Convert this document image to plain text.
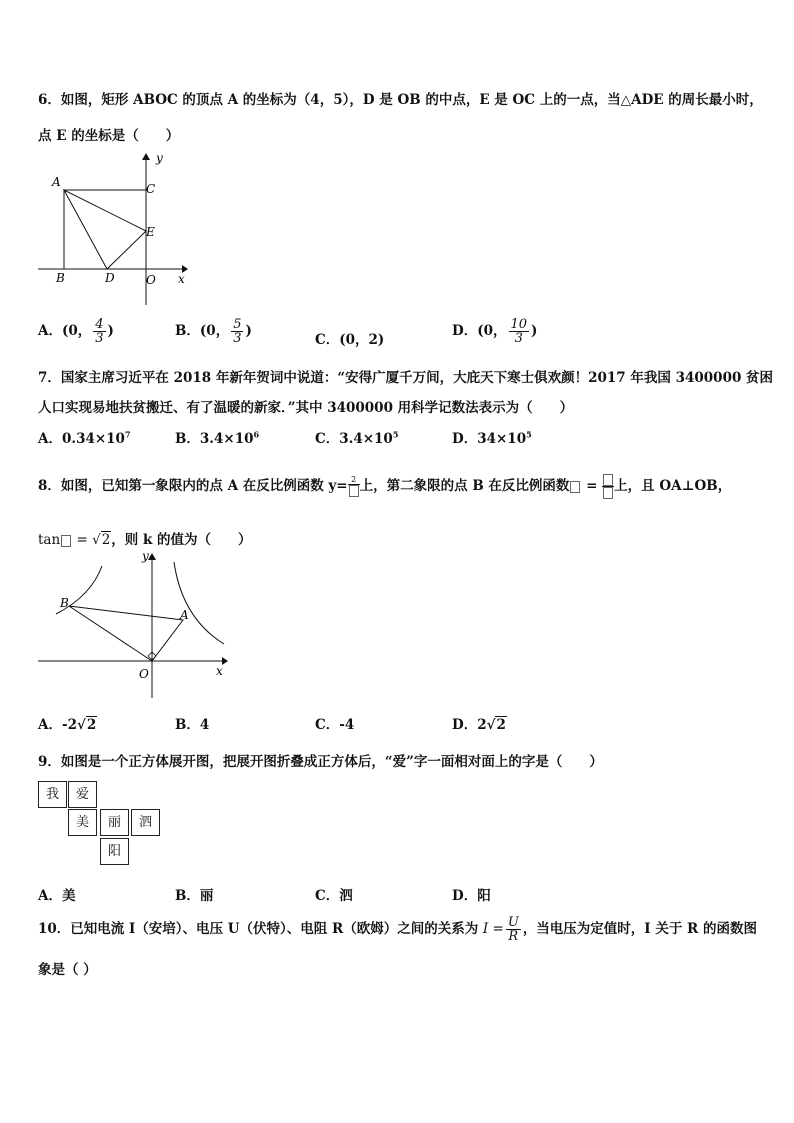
6．如图，矩形 ABOC 的顶点 A 的坐标为（4，5），D 是 OB 的中点，E 是 OC 上的一点，当△ADE 的周长最小时，
点 E 的坐标是（　　）
y
A	C
E
B	D	O x
A．(0， $\frac{4}{3}$ )	B．(0， $\frac{5}{3}$ )
C．(0，2)
D．(0， $\frac{10}{3}$ )
7．国家主席习近平在 2018 年新年贺词中说道：“安得广厦千万间，大庇天下寒士俱欢颜！2017 年我国 3400000 贫困
人口实现易地扶贫搬迁、有了温暖的新家．”其中 3400000 用科学记数法表示为（　　）
A．$0.34\times 10^7$	B．$3.4\times 10^6$	C．$3.4\times 10^5$	D．$34\times 10^5$
8．如图，已知第一象限内的点 A 在反比例函数 y= 2 上，第二象限的点 B 在反比例函数 =
上，且 OA⊥OB，
tan = √2，则 k 的值为（　　）
y
B
A
O	x
A．-2√2	B．4	C．-4	D．2√2
9．如图是一个正方体展开图，把展开图折叠成正方体后，“爱”字一面相对面上的字是（　　）
我	爱
美	丽	泗
阳
A．美	B．丽	C．泗	D．阳
10．已知电流 I（安培）、电压 U（伏特）、电阻 R（欧姆）之间的关系为 $I = \frac{U}{R}$ ，当电压为定值时，I 关于 R 的函数图
象是（ ）
